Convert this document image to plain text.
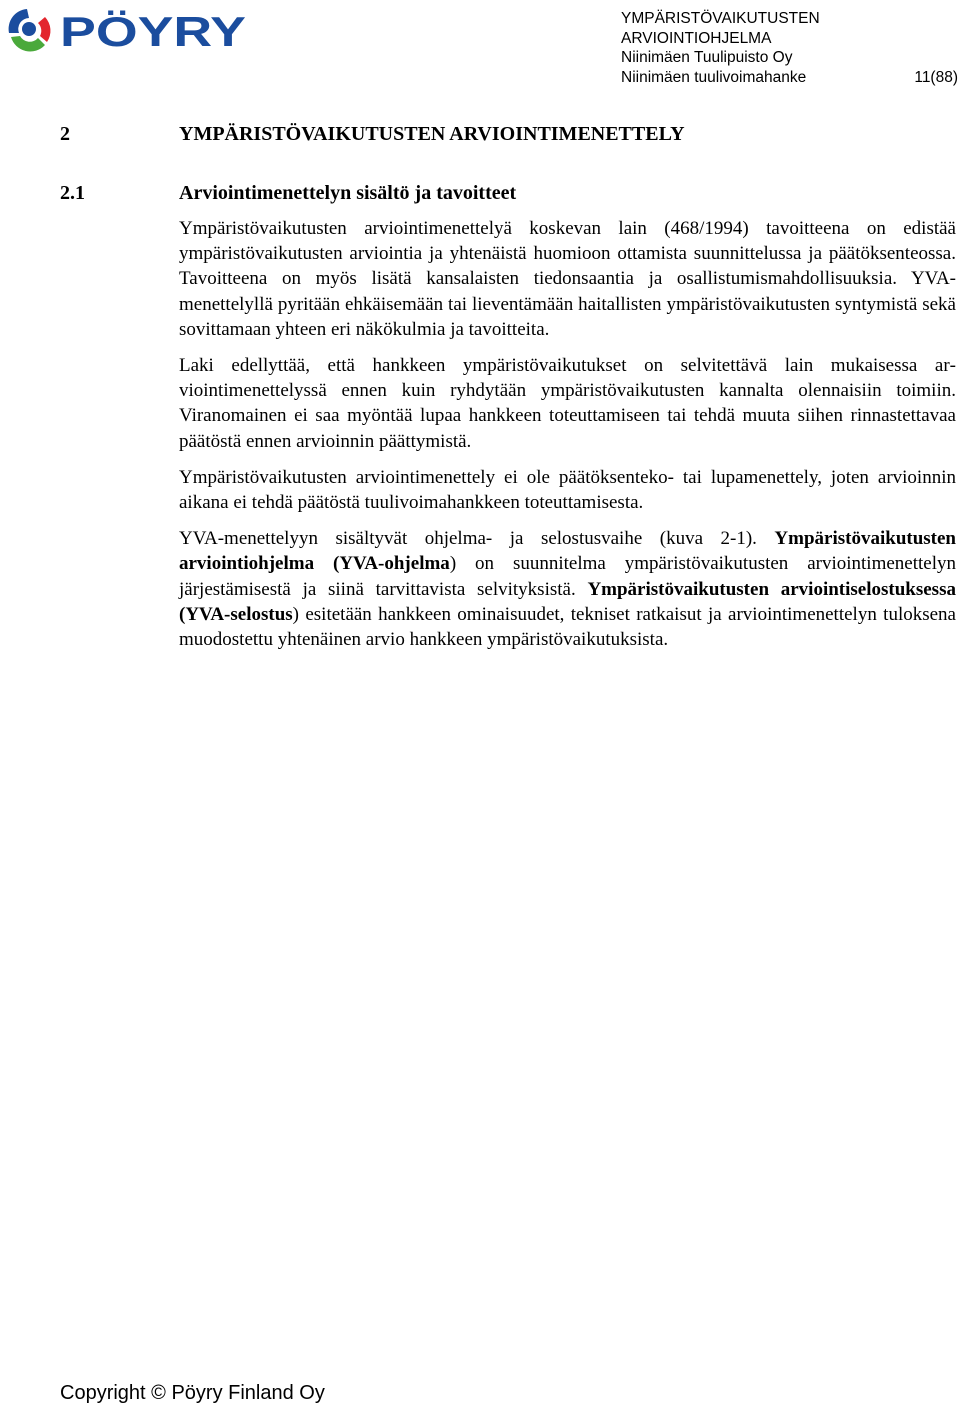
PÖYRY	YMPÄRISTÖVAIKUTUSTEN
ARVIOINTIOHJELMA
Niinimäen Tuulipuisto Oy
Niinimäen tuulivoimahanke	11(88)
2	YMPÄRISTÖVAIKUTUSTEN ARVIOINTIMENETTELY
2.1	Arviointimenettelyn sisältö ja tavoitteet

Ympäristövaikutusten arviointimenettelyä koskevan lain (468/1994) tavoitteena on edistää ympäristövaikutusten arviointia ja yhtenäistä huomioon ottamista suunnittelussa ja päätöksenteossa. Tavoitteena on myös lisätä kansalaisten tiedonsaantia ja osallistumismahdollisuuksia. YVA-menettelyllä pyritään ehkäisemään tai lieventämään haitallisten ympäristövaikutusten syntymistä sekä sovittamaan yhteen eri näkökulmia ja tavoitteita.

Laki edellyttää, että hankkeen ympäristövaikutukset on selvitettävä lain mukaisessa arviointimenettelyssä ennen kuin ryhdytään ympäristövaikutusten kannalta olennaisiin toimiin. Viranomainen ei saa myöntää lupaa hankkeen toteuttamiseen tai tehdä muuta siihen rinnastettavaa päätöstä ennen arvioinnin päättymistä.

Ympäristövaikutusten arviointimenettely ei ole päätöksenteko- tai lupamenettely, joten arvioinnin aikana ei tehdä päätöstä tuulivoimahankkeen toteuttamisesta.

YVA-menettelyyn sisältyvät ohjelma- ja selostusvaihe (kuva 2-1). Ympäristövaikutusten arviointiohjelma (YVA-ohjelma) on suunnitelma ympäristövaikutusten arviointimenettelyn järjestämisestä ja siinä tarvittavista selvityksistä. Ympäristövaikutusten arviointiselostuksessa (YVA-selostus) esitetään hankkeen ominaisuudet, tekniset ratkaisut ja arviointimenettelyn tuloksena muodostettu yhtenäinen arvio hankkeen ympäristövaikutuksista.

Copyright © Pöyry Finland Oy
